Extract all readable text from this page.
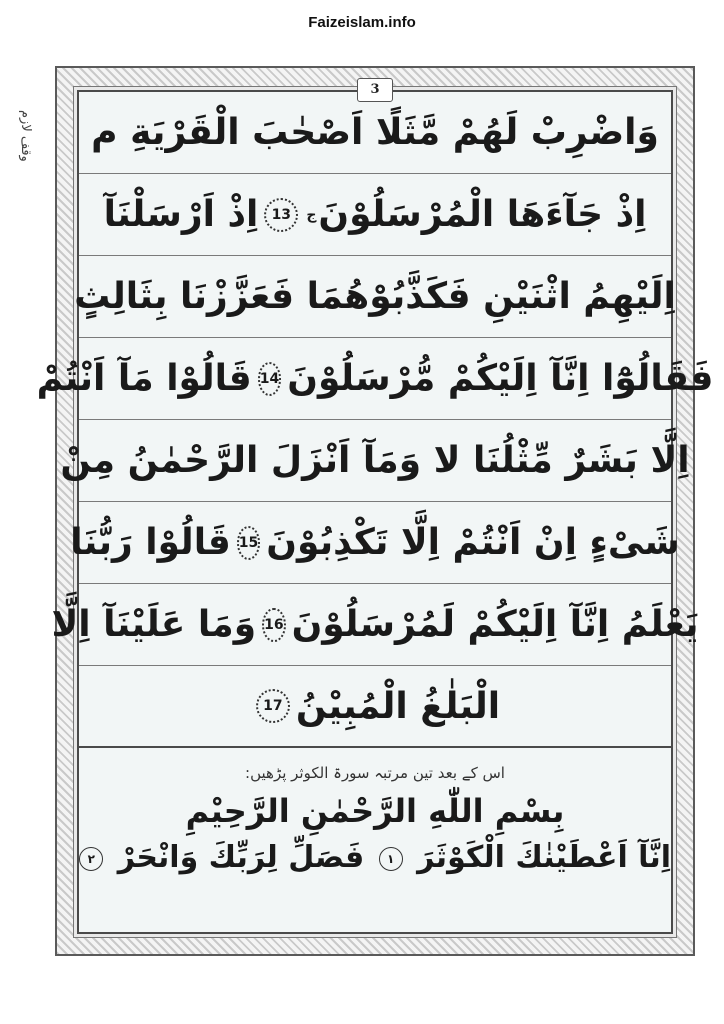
Faizeislam.info
3
وَاضْرِبْ لَهُمْ مَّثَلًا اَصْحٰبَ الْقَرْيَةِ م
اِذْ جَآءَهَا الْمُرْسَلُوْنَ
ج
13
اِذْ اَرْسَلْنَآ
اِلَيْهِمُ اثْنَيْنِ فَكَذَّبُوْهُمَا فَعَزَّزْنَا بِثَالِثٍ
فَقَالُوْٓا اِنَّآ اِلَيْكُمْ مُّرْسَلُوْنَ
14
قَالُوْا مَآ اَنْتُمْ
اِلَّا بَشَرٌ مِّثْلُنَا لا وَمَآ اَنْزَلَ الرَّحْمٰنُ مِنْ
شَیْءٍ اِنْ اَنْتُمْ اِلَّا تَكْذِبُوْنَ
15
قَالُوْا رَبُّنَا
يَعْلَمُ اِنَّآ اِلَيْكُمْ لَمُرْسَلُوْنَ
16
وَمَا عَلَيْنَآ اِلَّا
الْبَلٰغُ الْمُبِيْنُ
17
اس کے بعد تین مرتبہ سورۃ الکوثر پڑھیں:
بِسْمِ اللّٰهِ الرَّحْمٰنِ الرَّحِيْمِ
اِنَّآ اَعْطَيْنٰكَ الْكَوْثَرَ ١ فَصَلِّ لِرَبِّكَ وَانْحَرْ ٢
وقف لازم
